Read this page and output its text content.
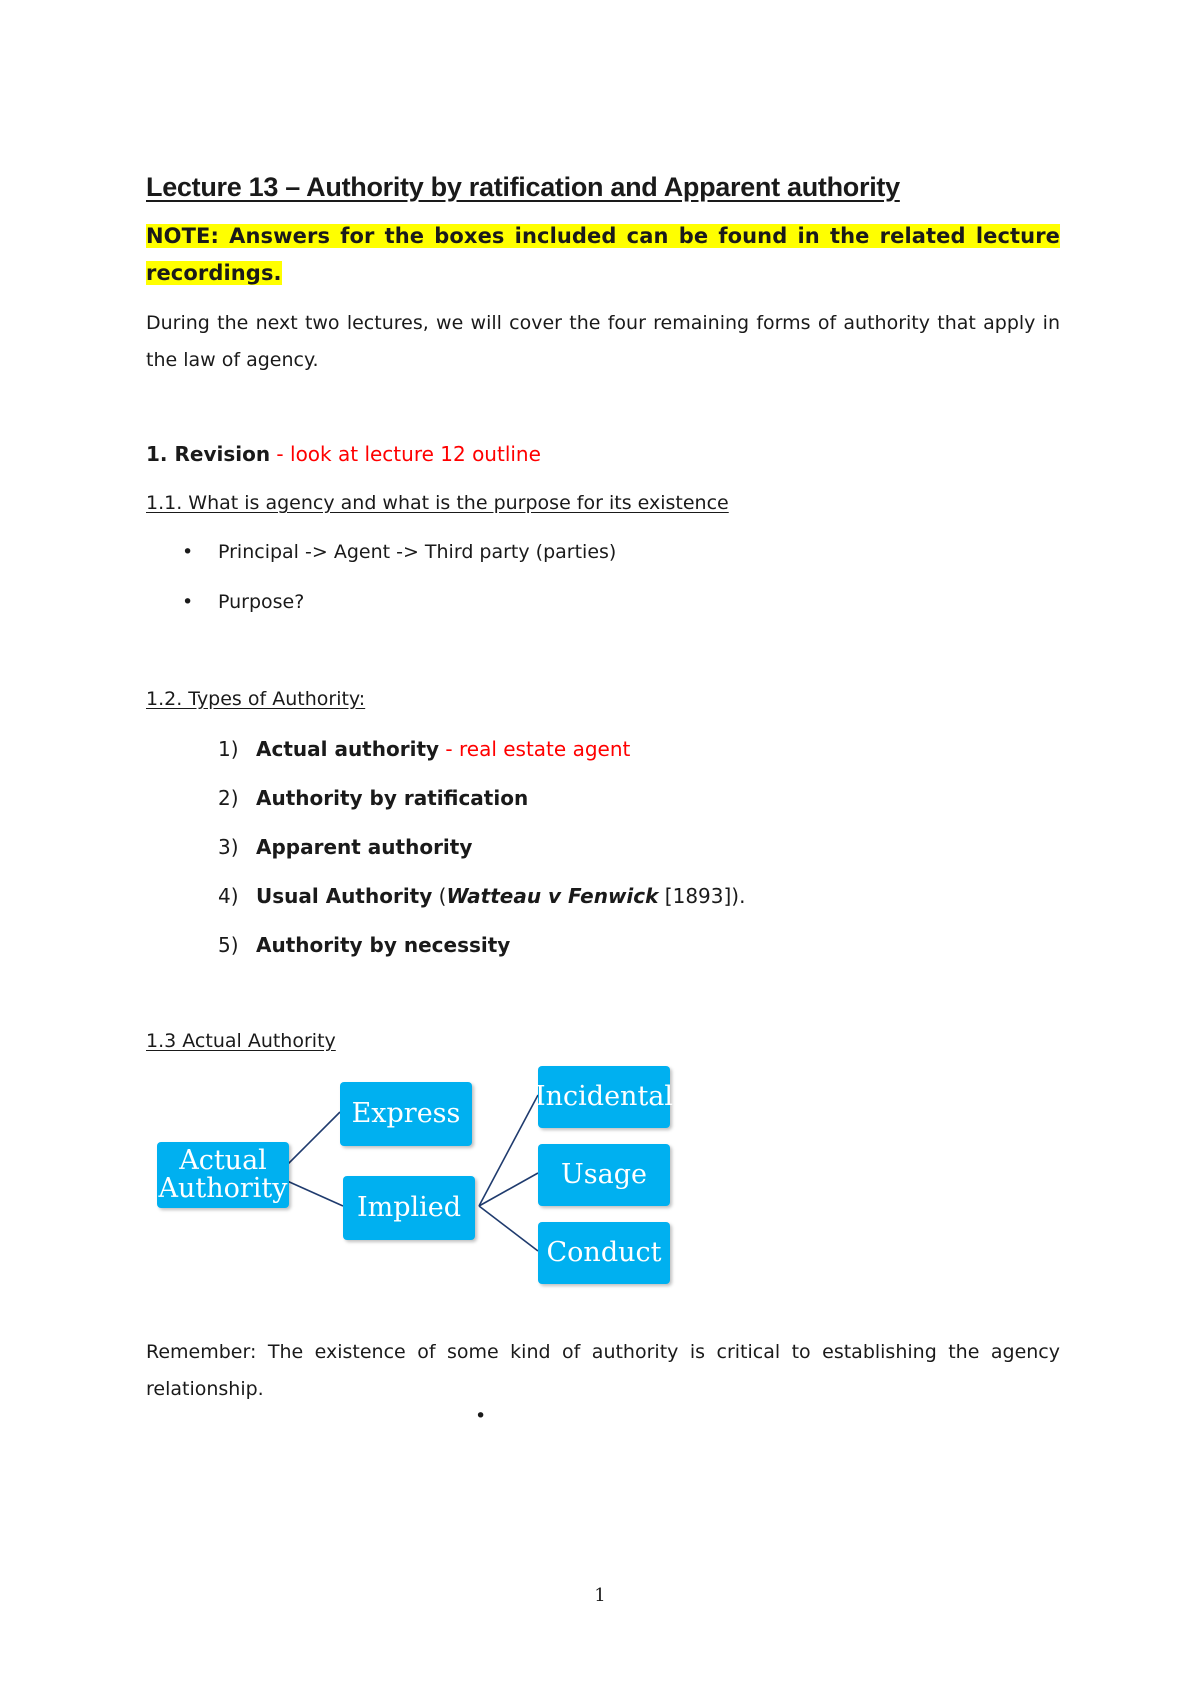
Lecture 13 – Authority by ratification and Apparent authority
NOTE: Answers for the boxes included can be found in the related lecture recordings.
During the next two lectures, we will cover the four remaining forms of authority that apply in the law of agency.
1. Revision - look at lecture 12 outline
1.1. What is agency and what is the purpose for its existence
• Principal -> Agent -> Third party (parties)
• Purpose?
1.2. Types of Authority:
1) Actual authority - real estate agent
2) Authority by ratification
3) Apparent authority
4) Usual Authority (Watteau v Fenwick [1893]).
5) Authority by necessity
1.3 Actual Authority
Actual
Authority
Express
Implied
Incidental
Usage
Conduct
Remember: The existence of some kind of authority is critical to establishing the agency relationship.
•
1
